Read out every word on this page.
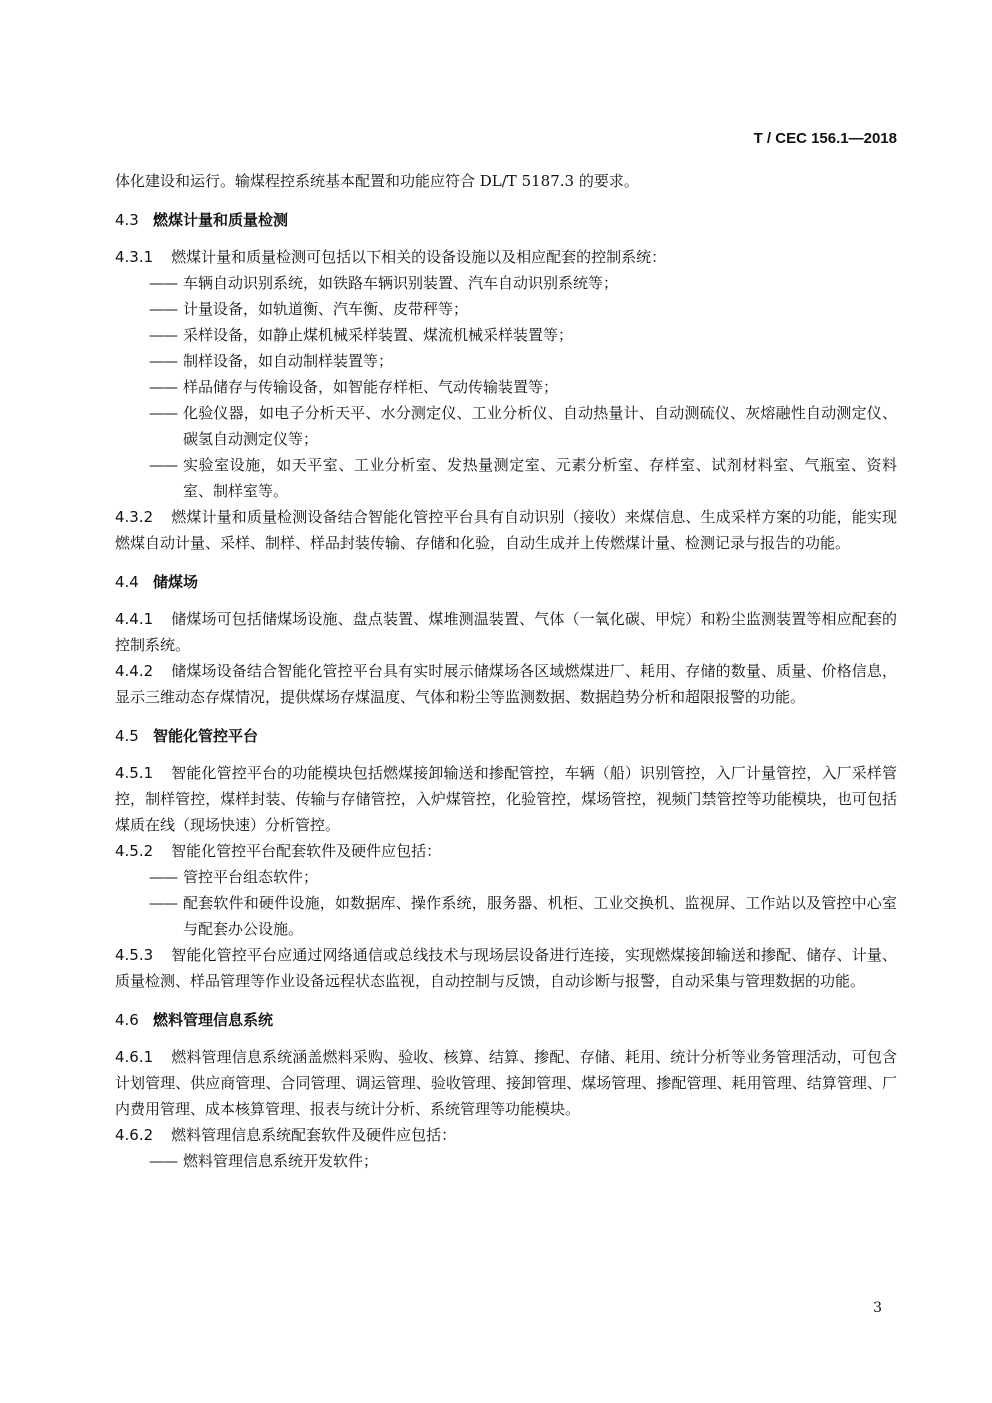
T / CEC 156.1—2018

体化建设和运行。输煤程控系统基本配置和功能应符合 DL/T 5187.3 的要求。

4.3 燃煤计量和质量检测

4.3.1 燃煤计量和质量检测可包括以下相关的设备设施以及相应配套的控制系统：

—— 车辆自动识别系统，如铁路车辆识别装置、汽车自动识别系统等；
—— 计量设备，如轨道衡、汽车衡、皮带秤等；
—— 采样设备，如静止煤机械采样装置、煤流机械采样装置等；
—— 制样设备，如自动制样装置等；
—— 样品储存与传输设备，如智能存样柜、气动传输装置等；
—— 化验仪器，如电子分析天平、水分测定仪、工业分析仪、自动热量计、自动测硫仪、灰熔融性自动测定仪、碳氢自动测定仪等；
—— 实验室设施，如天平室、工业分析室、发热量测定室、元素分析室、存样室、试剂材料室、气瓶室、资料室、制样室等。

4.3.2 燃煤计量和质量检测设备结合智能化管控平台具有自动识别（接收）来煤信息、生成采样方案的功能，能实现燃煤自动计量、采样、制样、样品封装传输、存储和化验，自动生成并上传燃煤计量、检测记录与报告的功能。

4.4 储煤场

4.4.1 储煤场可包括储煤场设施、盘点装置、煤堆测温装置、气体（一氧化碳、甲烷）和粉尘监测装置等相应配套的控制系统。

4.4.2 储煤场设备结合智能化管控平台具有实时展示储煤场各区域燃煤进厂、耗用、存储的数量、质量、价格信息，显示三维动态存煤情况，提供煤场存煤温度、气体和粉尘等监测数据、数据趋势分析和超限报警的功能。

4.5 智能化管控平台

4.5.1 智能化管控平台的功能模块包括燃煤接卸输送和掺配管控，车辆（船）识别管控，入厂计量管控，入厂采样管控，制样管控，煤样封装、传输与存储管控，入炉煤管控，化验管控，煤场管控，视频门禁管控等功能模块，也可包括煤质在线（现场快速）分析管控。

4.5.2 智能化管控平台配套软件及硬件应包括：

—— 管控平台组态软件；
—— 配套软件和硬件设施，如数据库、操作系统，服务器、机柜、工业交换机、监视屏、工作站以及管控中心室与配套办公设施。

4.5.3 智能化管控平台应通过网络通信或总线技术与现场层设备进行连接，实现燃煤接卸输送和掺配、储存、计量、质量检测、样品管理等作业设备远程状态监视，自动控制与反馈，自动诊断与报警，自动采集与管理数据的功能。

4.6 燃料管理信息系统

4.6.1 燃料管理信息系统涵盖燃料采购、验收、核算、结算、掺配、存储、耗用、统计分析等业务管理活动，可包含计划管理、供应商管理、合同管理、调运管理、验收管理、接卸管理、煤场管理、掺配管理、耗用管理、结算管理、厂内费用管理、成本核算管理、报表与统计分析、系统管理等功能模块。

4.6.2 燃料管理信息系统配套软件及硬件应包括：

—— 燃料管理信息系统开发软件；
3
